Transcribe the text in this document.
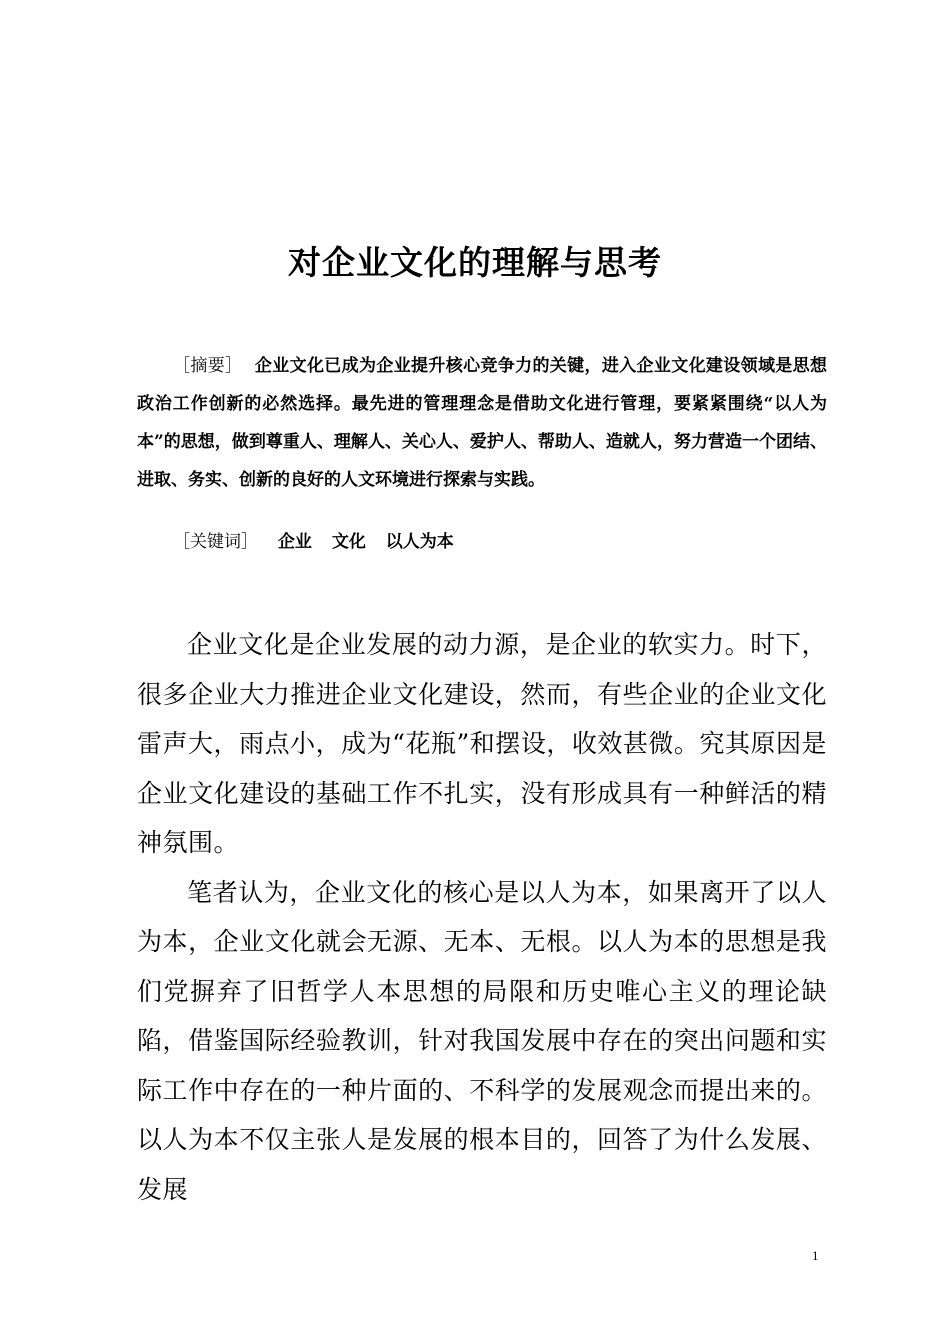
对企业文化的理解与思考

［摘要］ 企业文化已成为企业提升核心竞争力的关键，进入企业文化建设领域是思想政治工作创新的必然选择。最先进的管理理念是借助文化进行管理，要紧紧围绕“以人为本”的思想，做到尊重人、理解人、关心人、爱护人、帮助人、造就人，努力营造一个团结、进取、务实、创新的良好的人文环境进行探索与实践。

［关键词］ 企业 文化 以人为本

企业文化是企业发展的动力源，是企业的软实力。时下，很多企业大力推进企业文化建设，然而，有些企业的企业文化雷声大，雨点小，成为“花瓶”和摆设，收效甚微。究其原因是企业文化建设的基础工作不扎实，没有形成具有一种鲜活的精神氛围。

笔者认为，企业文化的核心是以人为本，如果离开了以人为本，企业文化就会无源、无本、无根。以人为本的思想是我们党摒弃了旧哲学人本思想的局限和历史唯心主义的理论缺陷，借鉴国际经验教训，针对我国发展中存在的突出问题和实际工作中存在的一种片面的、不科学的发展观念而提出来的。以人为本不仅主张人是发展的根本目的，回答了为什么发展、发展

1
